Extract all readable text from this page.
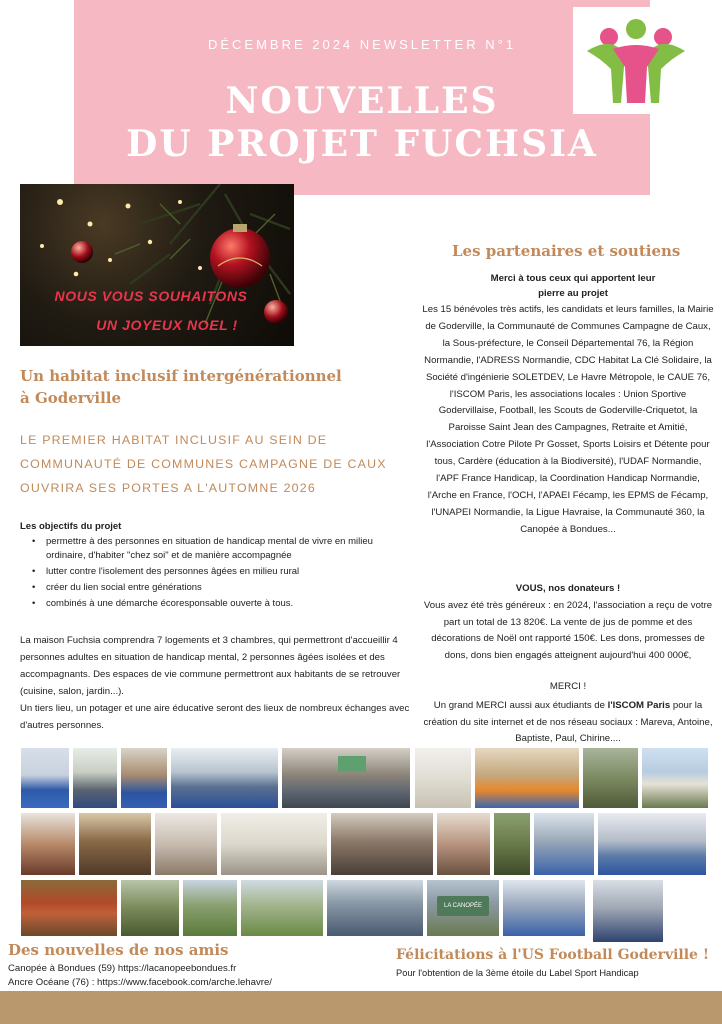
DÉCEMBRE 2024 NEWSLETTER N°1
NOUVELLES
DU PROJET FUCHSIA
NOUS VOUS SOUHAITONS
UN JOYEUX NOEL !
Un habitat inclusif intergénérationnel à Goderville
LE PREMIER HABITAT INCLUSIF AU SEIN DE COMMUNAUTÉ DE COMMUNES CAMPAGNE DE CAUX OUVRIRA SES PORTES A L'AUTOMNE 2026
Les objectifs du projet
• permettre à des personnes en situation de handicap mental de vivre en milieu ordinaire, d'habiter "chez soi" et de manière accompagnée
• lutter contre l'isolement des personnes âgées en milieu rural
• créer du lien social entre générations
• combinés à une démarche écoresponsable ouverte à tous.
La maison Fuchsia comprendra 7 logements et 3 chambres, qui permettront d'accueillir 4 personnes adultes en situation de handicap mental, 2 personnes âgées isolées et des accompagnants. Des espaces de vie commune permettront aux habitants de se retrouver (cuisine, salon, jardin...).
Un tiers lieu, un potager et une aire éducative seront des lieux de nombreux échanges avec d'autres personnes.
Les partenaires et soutiens
Merci à tous ceux qui apportent leur
pierre au projet
Les 15 bénévoles très actifs, les candidats et leurs familles, la Mairie de Goderville, la Communauté de Communes Campagne de Caux, la Sous-préfecture, le Conseil Départemental 76, la Région Normandie, l'ADRESS Normandie, CDC Habitat La Clé Solidaire, la Société d'ingénierie SOLETDEV, Le Havre Métropole, le CAUE 76, l'ISCOM Paris, les associations locales : Union Sportive Godervillaise, Football, les Scouts de Goderville-Criquetot, la Paroisse Saint Jean des Campagnes, Retraite et Amitié, l'Association Cotre Pilote Pr Gosset, Sports Loisirs et Détente pour tous, Cardère (éducation à la Biodiversité), l'UDAF Normandie, l'APF France Handicap, la Coordination Handicap Normandie, l'Arche en France, l'OCH, l'APAEI Fécamp, les EPMS de Fécamp, l'UNAPEI Normandie, la Ligue Havraise, la Communauté 360, la Canopée à Bondues...
VOUS, nos donateurs !
Vous avez été très généreux : en 2024, l'association a reçu de votre part un total de 13 820€. La vente de jus de pomme et des décorations de Noël ont rapporté 150€. Les dons, promesses de dons, dons bien engagés atteignent aujourd'hui 400 000€,
MERCI !
Un grand MERCI aussi aux étudiants de l'ISCOM Paris pour la création du site internet et de nos réseau sociaux : Mareva, Antoine, Baptiste, Paul, Chirine....
LA CANOPÉE
Des nouvelles de nos amis
Canopée à Bondues (59) https://lacanopeebondues.fr
Ancre Océane (76) : https://www.facebook.com/arche.lehavre/
Félicitations à l'US Football Goderville !
Pour l'obtention de la 3ème étoile du Label Sport Handicap
